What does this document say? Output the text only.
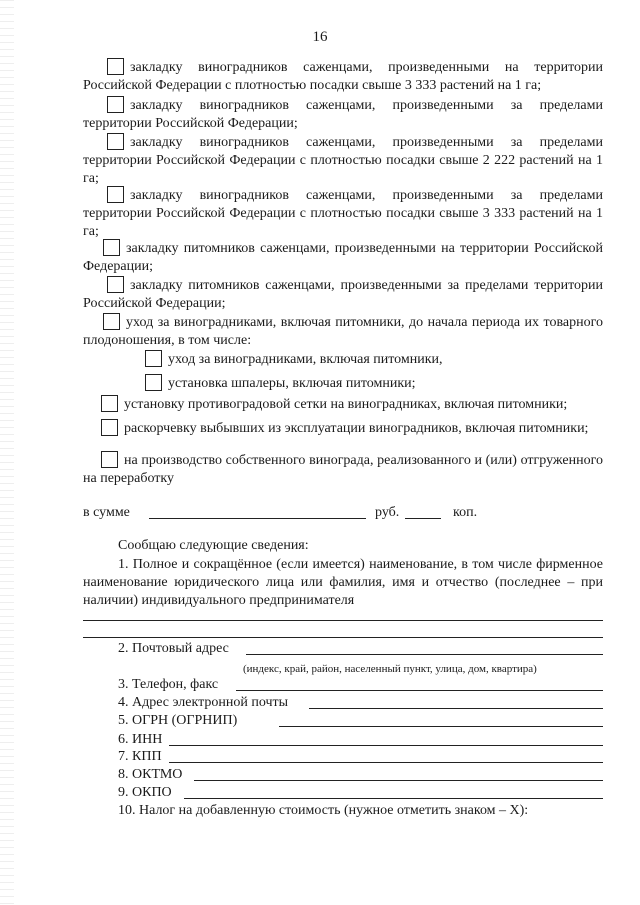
16
закладку виноградников саженцами, произведенными на территории Российской Федерации с плотностью посадки свыше 3 333 растений на 1 га;
закладку виноградников саженцами, произведенными за пределами территории Российской Федерации;
закладку виноградников саженцами, произведенными за пределами территории Российской Федерации с плотностью посадки свыше 2 222 растений на 1 га;
закладку виноградников саженцами, произведенными за пределами территории Российской Федерации с плотностью посадки свыше 3 333 растений на 1 га;
закладку питомников саженцами, произведенными на территории Российской Федерации;
закладку питомников саженцами, произведенными за пределами территории Российской Федерации;
уход за виноградниками, включая питомники, до начала периода их товарного плодоношения, в том числе:
уход за виноградниками, включая питомники,
установка шпалеры, включая питомники;
установку противоградовой сетки на виноградниках, включая питомники;
раскорчевку выбывших из эксплуатации виноградников, включая питомники;
на производство собственного винограда, реализованного и (или) отгруженного на переработку
в сумме	руб.	коп.
Сообщаю следующие сведения:
1. Полное и сокращённое (если имеется) наименование, в том числе фирменное наименование юридического лица или фамилия, имя и отчество (последнее – при наличии) индивидуального предпринимателя
2. Почтовый адрес
(индекс, край, район, населенный пункт, улица, дом, квартира)
3. Телефон, факс
4. Адрес электронной почты
5. ОГРН (ОГРНИП)
6. ИНН
7. КПП
8. ОКТМО
9. ОКПО
10. Налог на добавленную стоимость (нужное отметить знаком – Х):
